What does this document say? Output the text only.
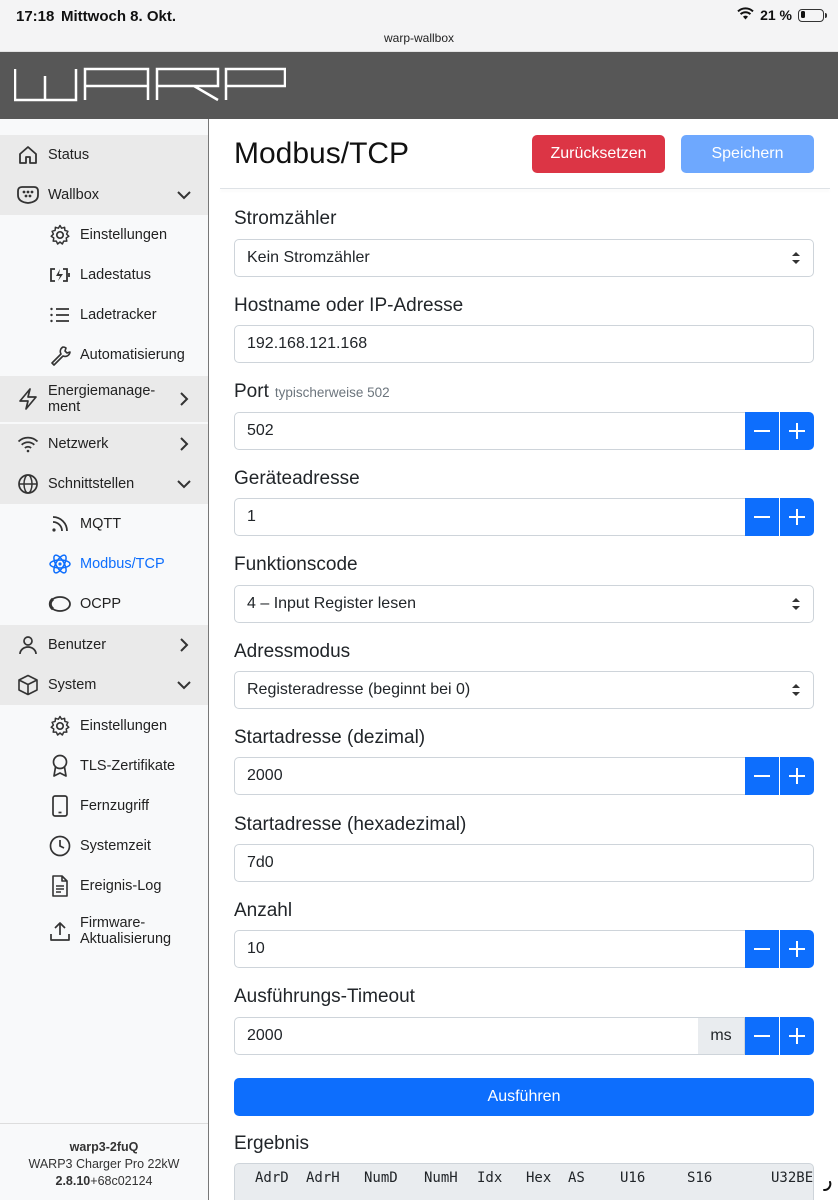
17:18 Mittwoch 8. Okt.	21 %
warp-wallbox
Status
Wallbox
Einstellungen
Ladestatus
Ladetracker
Automatisierung
Energiemanage-
ment
Netzwerk
Schnittstellen
MQTT
Modbus/TCP
OCPP
Benutzer
System
Einstellungen
TLS-Zertifikate
Fernzugriff
Systemzeit
Ereignis-Log
Firmware-
Aktualisierung
warp3-2fuQ
WARP3 Charger Pro 22kW
2.8.10+68c02124
Modbus/TCP	Zurücksetzen	Speichern
Stromzähler
Kein Stromzähler
Hostname oder IP-Adresse
192.168.121.168
Port typischerweise 502
502
Geräteadresse
1
Funktionscode
4 – Input Register lesen
Adressmodus
Registeradresse (beginnt bei 0)
Startadresse (dezimal)
2000
Startadresse (hexadezimal)
7d0
Anzahl
10
Ausführungs-Timeout
2000	ms
Ausführen
Ergebnis
AdrD AdrH NumD NumH Idx Hex AS	U16	S16	U32BE
